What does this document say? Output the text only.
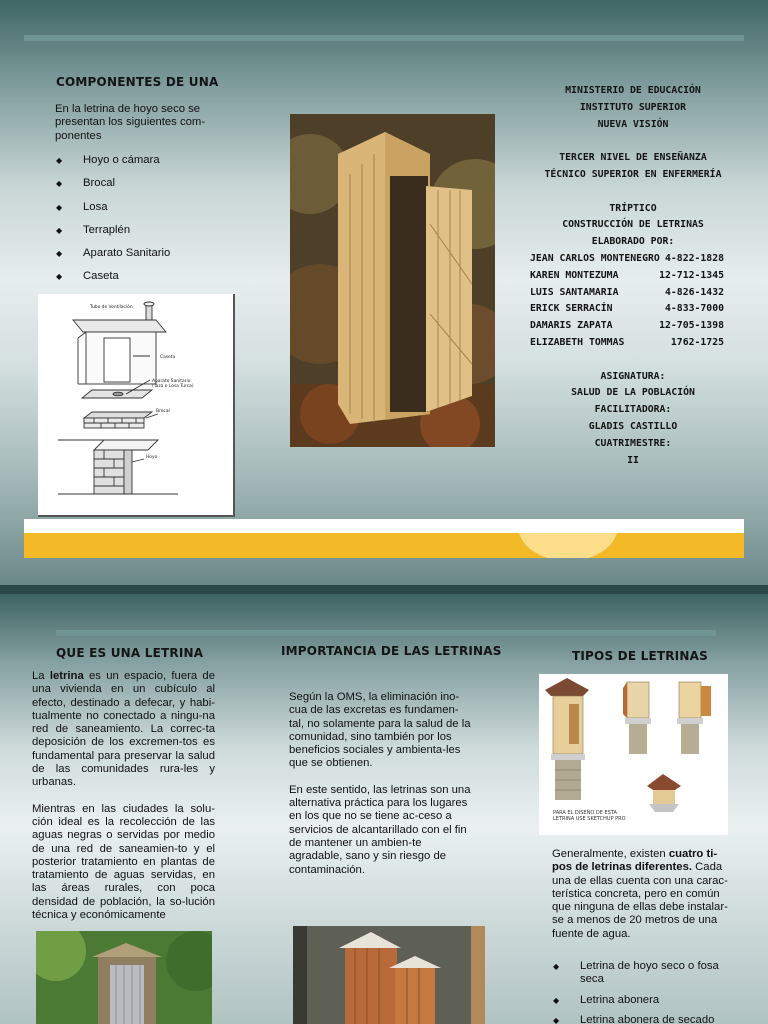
COMPONENTES DE UNA
En la letrina de hoyo seco se presentan los siguientes com-ponentes
◆	Hoyo o cámara
◆	Brocal
◆	Losa
◆	Terraplén
◆	Aparato Sanitario
◆	Caseta
Tubo de Ventilación
Caseta
Aparato Sanitario
(Taza o Losa Turca)
Brocal
Hoyo
MINISTERIO DE EDUCACIÓN
INSTITUTO SUPERIOR
NUEVA VISIÓN
TERCER NIVEL DE ENSEÑANZA
TÉCNICO SUPERIOR EN ENFERMERÍA
TRÍPTICO
CONSTRUCCIÓN DE LETRINAS
ELABORADO POR:
JEAN CARLOS MONTENEGRO 4-822-1828
KAREN MONTEZUMA	12-712-1345
LUIS SANTAMARIA	4-826-1432
ERICK SERRACÍN	4-833-7000
DAMARIS ZAPATA	12-705-1398
ELIZABETH TOMMAS	1762-1725
ASIGNATURA:
SALUD DE LA POBLACIÓN
FACILITADORA:
GLADIS CASTILLO
CUATRIMESTRE:
II
QUE ES UNA LETRINA	IMPORTANCIA DE LAS LETRINAS	TIPOS DE LETRINAS

La letrina es un espacio, fuera de una vivienda en un cubículo al efecto, destinado a defecar, y habi-tualmente no conectado a ningu-na red de saneamiento. La correc-ta deposición de los excremen-tos es fundamental para preservar la salud de las comunidades rura-les y urbanas.

Mientras en las ciudades la solu-ción ideal es la recolección de las aguas negras o servidas por medio de una red de saneamien-to y el posterior tratamiento en plantas de tratamiento de aguas servidas, en las áreas rurales, con poca densidad de población, la so-lución técnica y económicamente

Según la OMS, la eliminación ino-cua de las excretas es fundamen-tal, no solamente para la salud de la comunidad, sino también por los beneficios sociales y ambienta-les que se obtienen.

En este sentido, las letrinas son una alternativa práctica para los lugares en los que no se tiene ac-ceso a servicios de alcantarillado con el fin de mantener un ambien-te agradable, sano y sin riesgo de contaminación.

PARA EL DISEÑO DE ESTA LETRINA USE SKETCHUP PRO

Generalmente, existen cuatro ti-pos de letrinas diferentes. Cada una de ellas cuenta con una carac-terística concreta, pero en común que ninguna de ellas debe instalar-se a menos de 20 metros de una fuente de agua.

◆	Letrina de hoyo seco o fosa seca
◆	Letrina abonera
◆	Letrina abonera de secado
